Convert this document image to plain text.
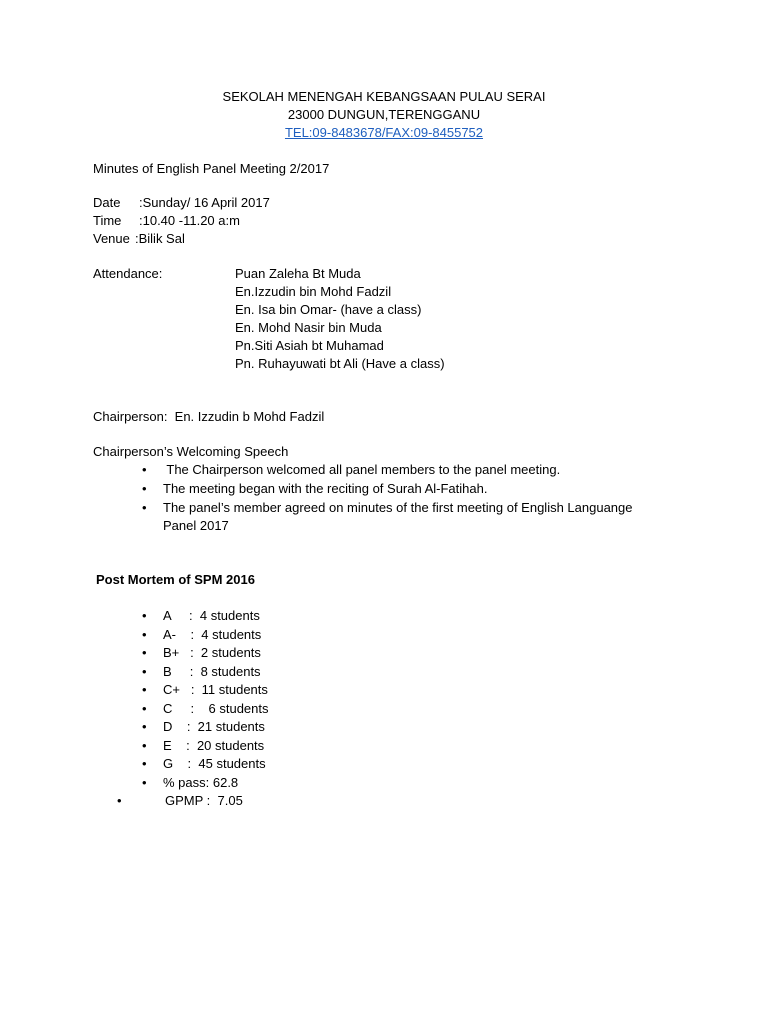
SEKOLAH MENENGAH KEBANGSAAN PULAU SERAI
23000 DUNGUN,TERENGGANU
TEL:09-8483678/FAX:09-8455752
Minutes of English Panel Meeting 2/2017
Date :Sunday/ 16 April 2017
Time :10.40 -11.20 a:m
Venue :Bilik Sal
Attendance:	Puan Zaleha Bt Muda
En.Izzudin bin Mohd Fadzil
En. Isa bin Omar- (have a class)
En. Mohd Nasir bin Muda
Pn.Siti Asiah bt Muhamad
Pn. Ruhayuwati bt Ali (Have a class)
Chairperson:  En. Izzudin b Mohd Fadzil
Chairperson’s Welcoming Speech
• The Chairperson welcomed all panel members to the panel meeting.
• The meeting began with the reciting of Surah Al-Fatihah.
• The panel’s member agreed on minutes of the first meeting of English Languange
Panel 2017
Post Mortem of SPM 2016
• A     :  4 students
• A-    :  4 students
• B+   :  2 students
• B     :  8 students
• C+   :  11 students
• C     :    6 students
• D    :  21 students
• E    :  20 students
• G    :  45 students
• % pass: 62.8
•	GPMP :  7.05
